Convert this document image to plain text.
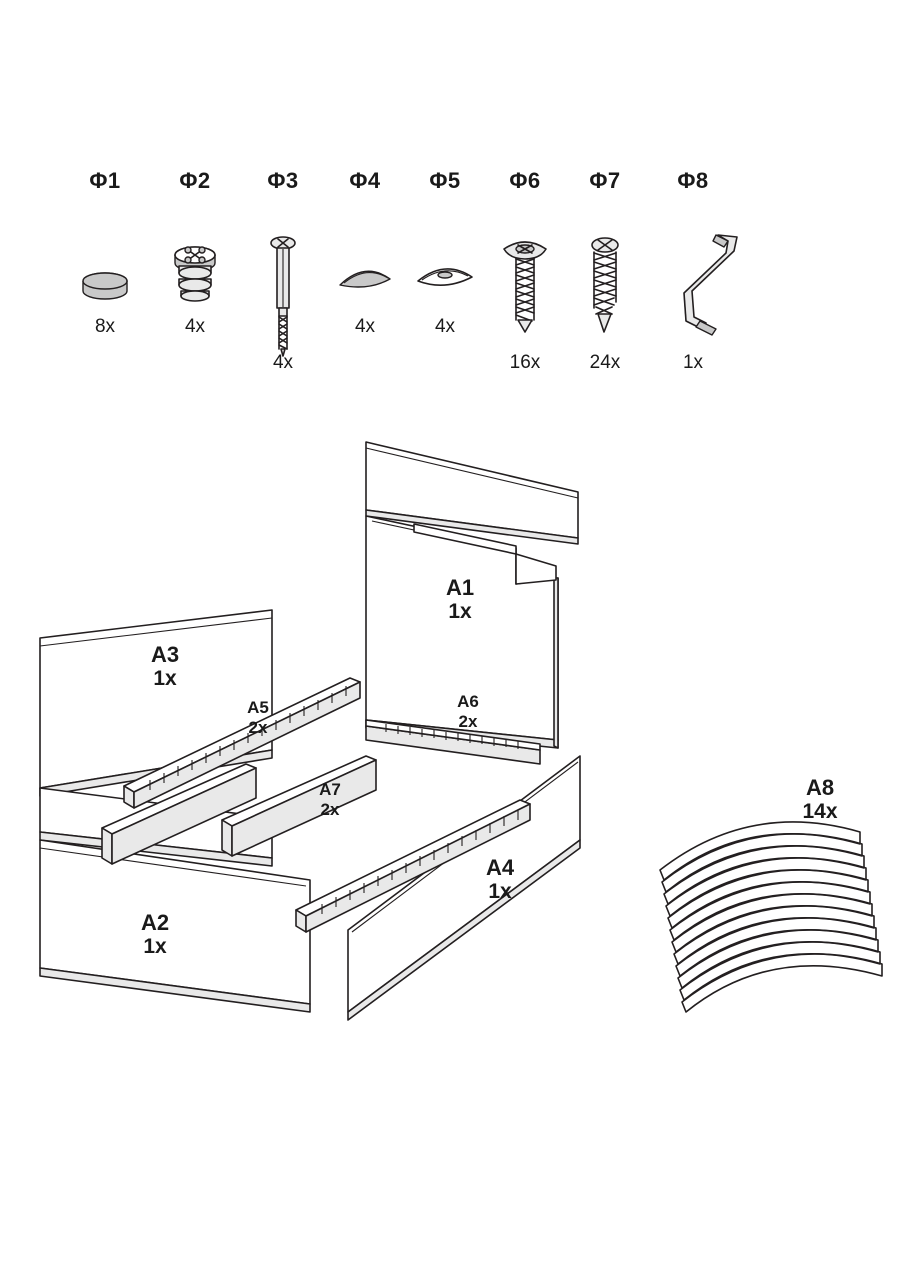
Φ1
8x
Φ2
4x
Φ3
4x
Φ4
4x
Φ5
4x
Φ6
16x
Φ7
24x
Φ8
1x
A1
1x
A3
1x
A5
2x
A6
2x
A7
2x
A4
1x
A2
1x
A8
14x
